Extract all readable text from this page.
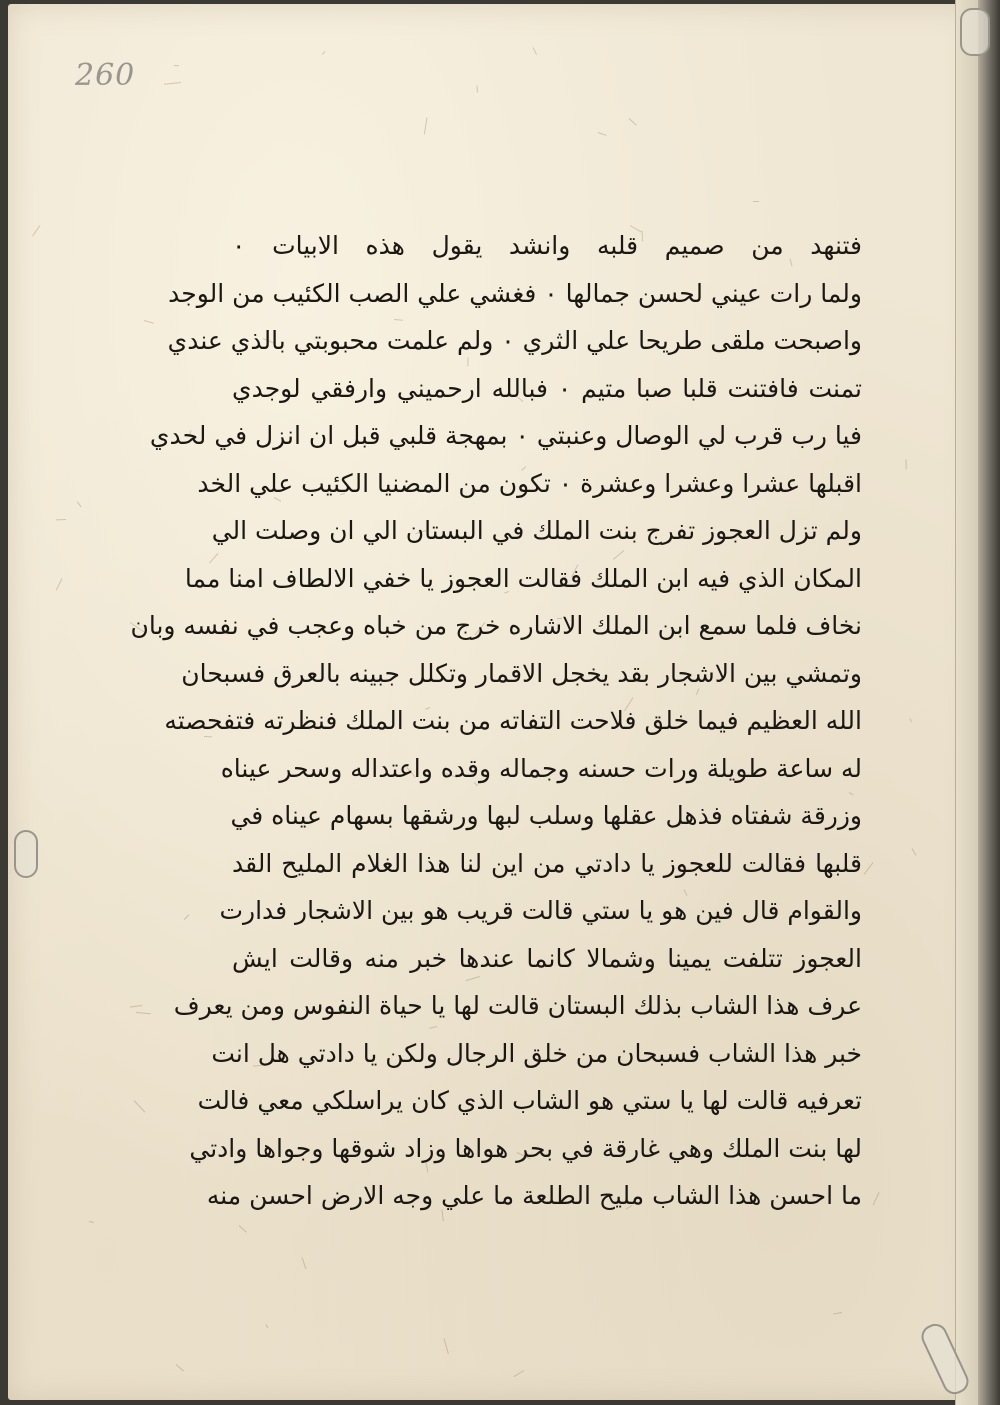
260
فتنهد من صميم قلبه وانشد يقول هذه الابيات ٠
ولما رات عيني لحسن جمالها ٠ فغشي علي الصب الكئيب من الوجد
واصبحت ملقى طريحا علي الثري ٠ ولم علمت محبوبتي بالذي عندي
تمنت فافتنت قلبا صبا متيم ٠ فبالله ارحميني وارفقي لوجدي
فيا رب قرب لي الوصال وعنبتي ٠ بمهجة قلبي قبل ان انزل في لحدي
اقبلها عشرا وعشرا وعشرة ٠ تكون من المضنيا الكئيب علي الخد
ولم تزل العجوز تفرج بنت الملك في البستان الي ان وصلت الي
المكان الذي فيه ابن الملك فقالت العجوز يا خفي الالطاف امنا مما
نخاف فلما سمع ابن الملك الاشاره خرج من خباه وعجب في نفسه وبان
وتمشي بين الاشجار بقد يخجل الاقمار وتكلل جبينه بالعرق فسبحان
الله العظيم فيما خلق فلاحت التفاته من بنت الملك فنظرته فتفحصته
له ساعة طويلة ورات حسنه وجماله وقده واعتداله وسحر عيناه
وزرقة شفتاه فذهل عقلها وسلب لبها ورشقها بسهام عيناه في
قلبها فقالت للعجوز يا دادتي من اين لنا هذا الغلام المليح القد
والقوام قال فين هو يا ستي قالت قريب هو بين الاشجار فدارت
العجوز تتلفت يمينا وشمالا كانما عندها خبر منه وقالت ايش
عرف هذا الشاب بذلك البستان قالت لها يا حياة النفوس ومن يعرف
خبر هذا الشاب فسبحان من خلق الرجال ولكن يا دادتي هل انت
تعرفيه قالت لها يا ستي هو الشاب الذي كان يراسلكي معي فالت
لها بنت الملك وهي غارقة في بحر هواها وزاد شوقها وجواها وادتي
ما احسن هذا الشاب مليح الطلعة ما علي وجه الارض احسن منه
